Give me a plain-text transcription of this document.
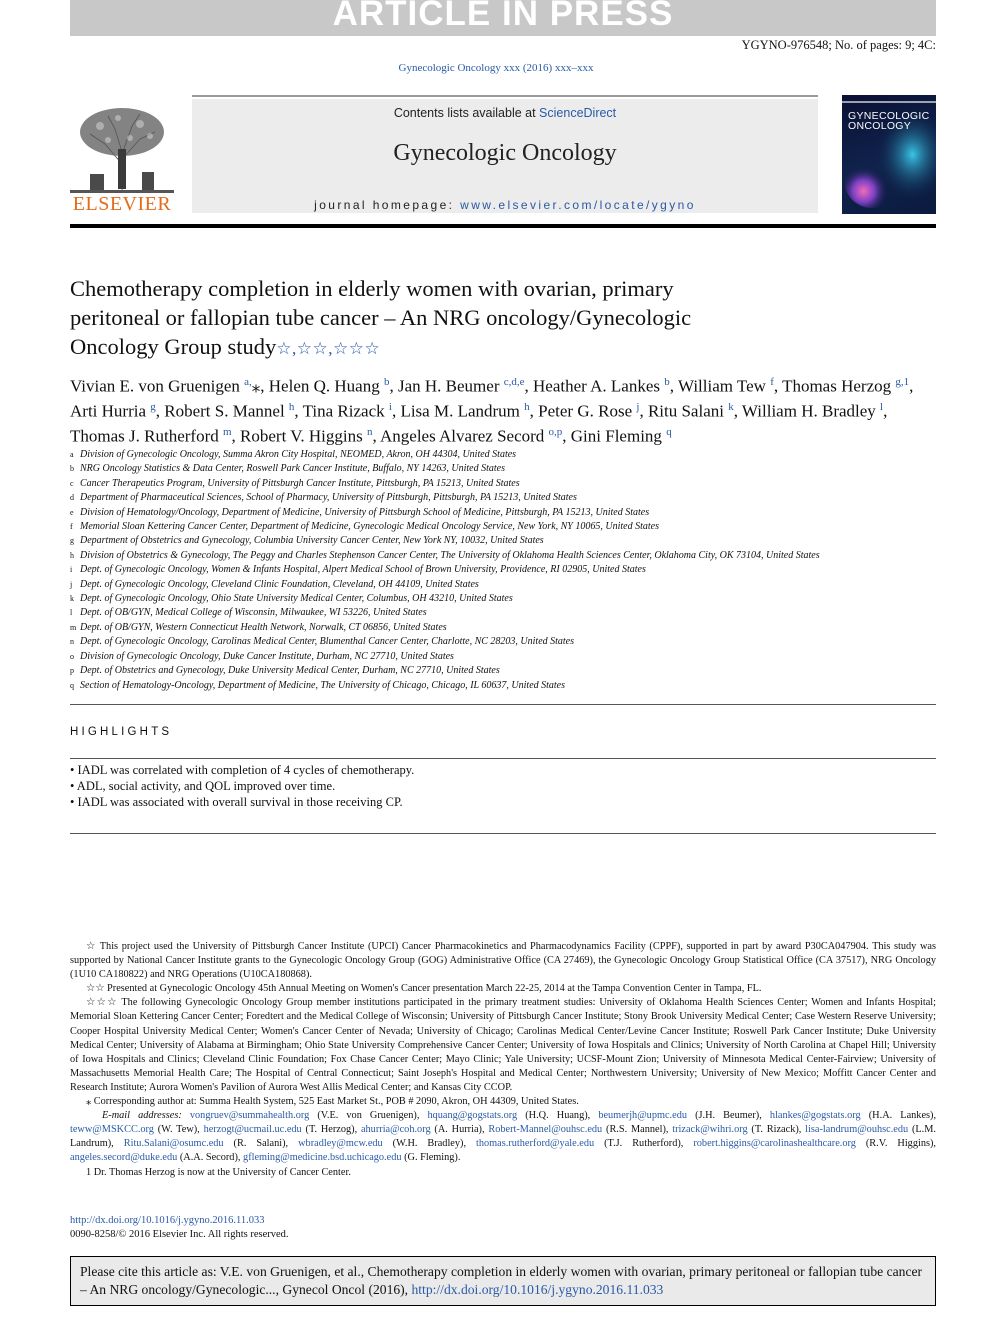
ARTICLE IN PRESS
YGYNO-976548; No. of pages: 9; 4C:
Gynecologic Oncology xxx (2016) xxx–xxx
ELSEVIER
Contents lists available at ScienceDirect
Gynecologic Oncology
journal homepage: www.elsevier.com/locate/ygyno
GYNECOLOGIC
ONCOLOGY
Chemotherapy completion in elderly women with ovarian, primary
peritoneal or fallopian tube cancer – An NRG oncology/Gynecologic
Oncology Group study☆,☆☆,☆☆☆
Vivian E. von Gruenigen $^{a,}$⁎, Helen Q. Huang $^b$, Jan H. Beumer $^{c,d,e}$, Heather A. Lankes $^b$, William Tew $^f$, Thomas Herzog $^{g,1}$, Arti Hurria $^g$, Robert S. Mannel $^h$, Tina Rizack $^i$, Lisa M. Landrum $^h$, Peter G. Rose $^j$, Ritu Salani $^k$, William H. Bradley $^l$, Thomas J. Rutherford $^m$, Robert V. Higgins $^n$, Angeles Alvarez Secord $^{o,p}$, Gini Fleming $^q$
a Division of Gynecologic Oncology, Summa Akron City Hospital, NEOMED, Akron, OH 44304, United States
b NRG Oncology Statistics & Data Center, Roswell Park Cancer Institute, Buffalo, NY 14263, United States
c Cancer Therapeutics Program, University of Pittsburgh Cancer Institute, Pittsburgh, PA 15213, United States
d Department of Pharmaceutical Sciences, School of Pharmacy, University of Pittsburgh, Pittsburgh, PA 15213, United States
e Division of Hematology/Oncology, Department of Medicine, University of Pittsburgh School of Medicine, Pittsburgh, PA 15213, United States
f Memorial Sloan Kettering Cancer Center, Department of Medicine, Gynecologic Medical Oncology Service, New York, NY 10065, United States
g Department of Obstetrics and Gynecology, Columbia University Cancer Center, New York NY, 10032, United States
h Division of Obstetrics & Gynecology, The Peggy and Charles Stephenson Cancer Center, The University of Oklahoma Health Sciences Center, Oklahoma City, OK 73104, United States
i Dept. of Gynecologic Oncology, Women & Infants Hospital, Alpert Medical School of Brown University, Providence, RI 02905, United States
j Dept. of Gynecologic Oncology, Cleveland Clinic Foundation, Cleveland, OH 44109, United States
k Dept. of Gynecologic Oncology, Ohio State University Medical Center, Columbus, OH 43210, United States
l Dept. of OB/GYN, Medical College of Wisconsin, Milwaukee, WI 53226, United States
m Dept. of OB/GYN, Western Connecticut Health Network, Norwalk, CT 06856, United States
n Dept. of Gynecologic Oncology, Carolinas Medical Center, Blumenthal Cancer Center, Charlotte, NC 28203, United States
o Division of Gynecologic Oncology, Duke Cancer Institute, Durham, NC 27710, United States
p Dept. of Obstetrics and Gynecology, Duke University Medical Center, Durham, NC 27710, United States
q Section of Hematology-Oncology, Department of Medicine, The University of Chicago, Chicago, IL 60637, United States
HIGHLIGHTS
• IADL was correlated with completion of 4 cycles of chemotherapy.
• ADL, social activity, and QOL improved over time.
• IADL was associated with overall survival in those receiving CP.

☆ This project used the University of Pittsburgh Cancer Institute (UPCI) Cancer Pharmacokinetics and Pharmacodynamics Facility (CPPF), supported in part by award P30CA047904. This study was supported by National Cancer Institute grants to the Gynecologic Oncology Group (GOG) Administrative Office (CA 27469), the Gynecologic Oncology Group Statistical Office (CA 37517), NRG Oncology (1U10 CA180822) and NRG Operations (U10CA180868).

☆☆ Presented at Gynecologic Oncology 45th Annual Meeting on Women's Cancer presentation March 22-25, 2014 at the Tampa Convention Center in Tampa, FL.

☆☆☆ The following Gynecologic Oncology Group member institutions participated in the primary treatment studies: University of Oklahoma Health Sciences Center; Women and Infants Hospital; Memorial Sloan Kettering Cancer Center; Foredtert and the Medical College of Wisconsin; University of Pittsburgh Cancer Institute; Stony Brook University Medical Center; Case Western Reserve University; Cooper Hospital University Medical Center; Women's Cancer Center of Nevada; University of Chicago; Carolinas Medical Center/Levine Cancer Institute; Roswell Park Cancer Institute; Duke University Medical Center; University of Alabama at Birmingham; Ohio State University Comprehensive Cancer Center; University of Iowa Hospitals and Clinics; University of North Carolina at Chapel Hill; University of Iowa Hospitals and Clinics; Cleveland Clinic Foundation; Fox Chase Cancer Center; Mayo Clinic; Yale University; UCSF-Mount Zion; University of Minnesota Medical Center-Fairview; University of Massachusetts Memorial Health Care; The Hospital of Central Connecticut; Saint Joseph's Hospital and Medical Center; Northwestern University; University of New Mexico; Moffitt Cancer Center and Research Institute; Aurora Women's Pavilion of Aurora West Allis Medical Center; and Kansas City CCOP.

⁎ Corresponding author at: Summa Health System, 525 East Market St., POB # 2090, Akron, OH 44309, United States.

E-mail addresses: vongruev@summahealth.org (V.E. von Gruenigen), hquang@gogstats.org (H.Q. Huang), beumerjh@upmc.edu (J.H. Beumer), hlankes@gogstats.org (H.A. Lankes), teww@MSKCC.org (W. Tew), herzogt@ucmail.uc.edu (T. Herzog), ahurria@coh.org (A. Hurria), Robert-Mannel@ouhsc.edu (R.S. Mannel), trizack@wihri.org (T. Rizack), lisa-landrum@ouhsc.edu (L.M. Landrum), Ritu.Salani@osumc.edu (R. Salani), wbradley@mcw.edu (W.H. Bradley), thomas.rutherford@yale.edu (T.J. Rutherford), robert.higgins@carolinashealthcare.org (R.V. Higgins), angeles.secord@duke.edu (A.A. Secord), gfleming@medicine.bsd.uchicago.edu (G. Fleming).

1 Dr. Thomas Herzog is now at the University of Cancer Center.

http://dx.doi.org/10.1016/j.ygyno.2016.11.033
0090-8258/© 2016 Elsevier Inc. All rights reserved.
Please cite this article as: V.E. von Gruenigen, et al., Chemotherapy completion in elderly women with ovarian, primary peritoneal or fallopian tube cancer – An NRG oncology/Gynecologic..., Gynecol Oncol (2016), http://dx.doi.org/10.1016/j.ygyno.2016.11.033
